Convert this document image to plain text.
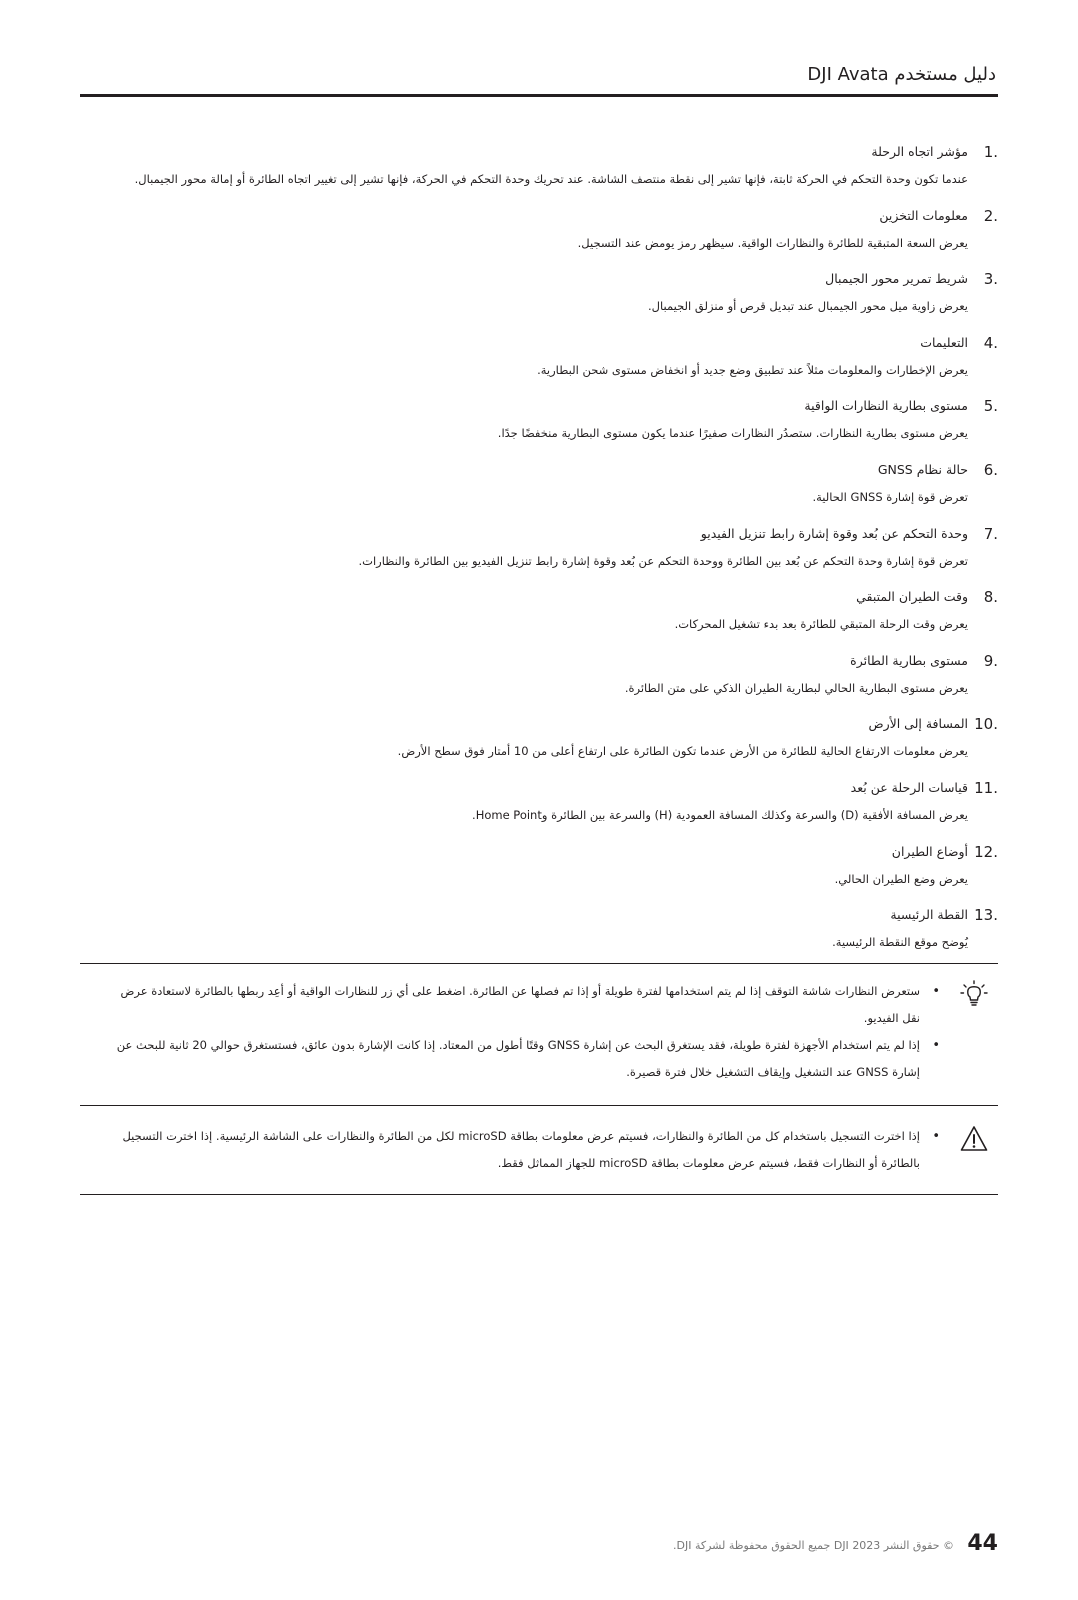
دليل مستخدم DJI Avata
1.
مؤشر اتجاه الرحلة
عندما تكون وحدة التحكم في الحركة ثابتة، فإنها تشير إلى نقطة منتصف الشاشة. عند تحريك وحدة التحكم في الحركة، فإنها تشير إلى تغيير اتجاه الطائرة أو إمالة محور الجيمبال.
2.
معلومات التخزين
يعرض السعة المتبقية للطائرة والنظارات الواقية. سيظهر رمز يومض عند التسجيل.
3.
شريط تمرير محور الجيمبال
يعرض زاوية ميل محور الجيمبال عند تبديل قرص أو منزلق الجيمبال.
4.
التعليمات
يعرض الإخطارات والمعلومات مثلاً عند تطبيق وضع جديد أو انخفاض مستوى شحن البطارية.
5.
مستوى بطارية النظارات الواقية
يعرض مستوى بطارية النظارات. ستصدُر النظارات صفيرًا عندما يكون مستوى البطارية منخفضًا جدًا.
6.
حالة نظام GNSS
تعرض قوة إشارة GNSS الحالية.
7.
وحدة التحكم عن بُعد وقوة إشارة رابط تنزيل الفيديو
تعرض قوة إشارة وحدة التحكم عن بُعد بين الطائرة ووحدة التحكم عن بُعد وقوة إشارة رابط تنزيل الفيديو بين الطائرة والنظارات.
8.
وقت الطيران المتبقي
يعرض وقت الرحلة المتبقي للطائرة بعد بدء تشغيل المحركات.
9.
مستوى بطارية الطائرة
يعرض مستوى البطارية الحالي لبطارية الطيران الذكي على متن الطائرة.
10.
المسافة إلى الأرض
يعرض معلومات الارتفاع الحالية للطائرة من الأرض عندما تكون الطائرة على ارتفاع أعلى من 10 أمتار فوق سطح الأرض.
11.
قياسات الرحلة عن بُعد
يعرض المسافة الأفقية (D) والسرعة وكذلك المسافة العمودية (H) والسرعة بين الطائرة وHome Point.
12.
أوضاع الطيران
يعرض وضع الطيران الحالي.
13.
القطة الرئيسية
يُوضح موقع النقطة الرئيسية.
• ستعرض النظارات شاشة التوقف إذا لم يتم استخدامها لفترة طويلة أو إذا تم فصلها عن الطائرة. اضغط على أي زر للنظارات الواقية أو أعِد ربطها بالطائرة لاستعادة عرض نقل الفيديو.
• إذا لم يتم استخدام الأجهزة لفترة طويلة، فقد يستغرق البحث عن إشارة GNSS وقتًا أطول من المعتاد. إذا كانت الإشارة بدون عائق، فستستغرق حوالي 20 ثانية للبحث عن إشارة GNSS عند التشغيل وإيقاف التشغيل خلال فترة قصيرة.
• إذا اخترت التسجيل باستخدام كل من الطائرة والنظارات، فسيتم عرض معلومات بطاقة microSD لكل من الطائرة والنظارات على الشاشة الرئيسية. إذا اخترت التسجيل بالطائرة أو النظارات فقط، فسيتم عرض معلومات بطاقة microSD للجهاز المماثل فقط.
44
© حقوق النشر 2023 DJI جميع الحقوق محفوظة لشركة DJI.
